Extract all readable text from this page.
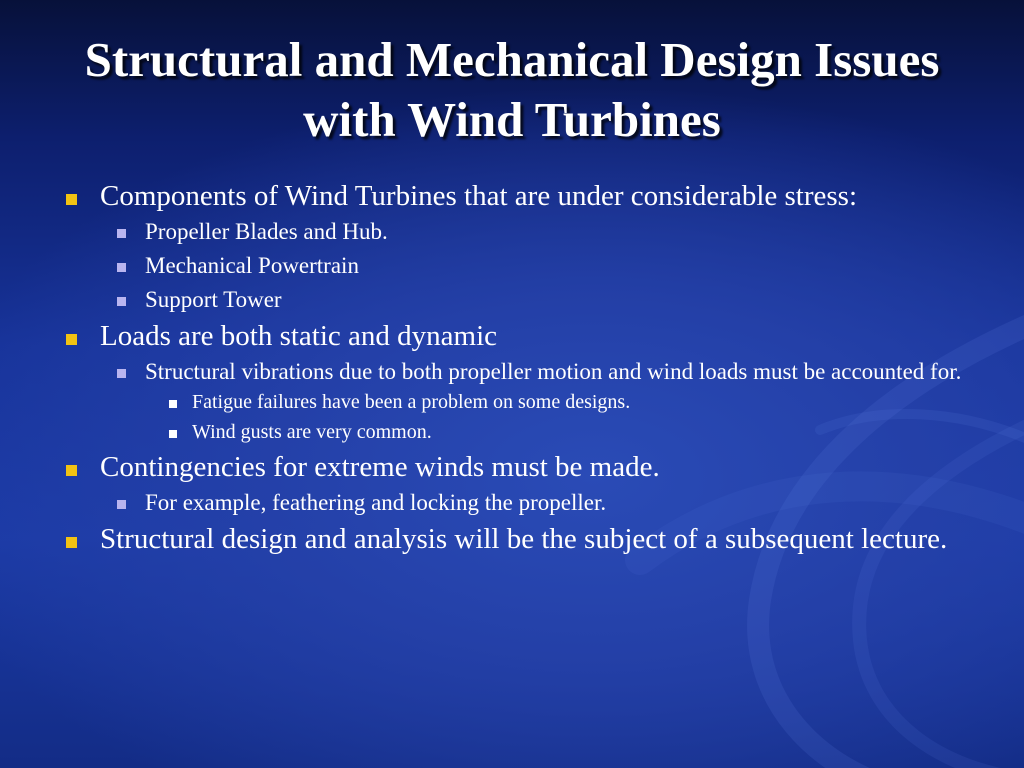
Structural and Mechanical Design Issues with Wind Turbines
Components of Wind Turbines that are under considerable stress:
Propeller Blades and Hub.
Mechanical Powertrain
Support Tower
Loads are both static and dynamic
Structural vibrations due to both propeller motion and wind loads must be accounted for.
Fatigue failures have been a problem on some designs.
Wind gusts are very common.
Contingencies for extreme winds must be made.
For example, feathering and locking the propeller.
Structural design and analysis will be the subject of a subsequent lecture.
